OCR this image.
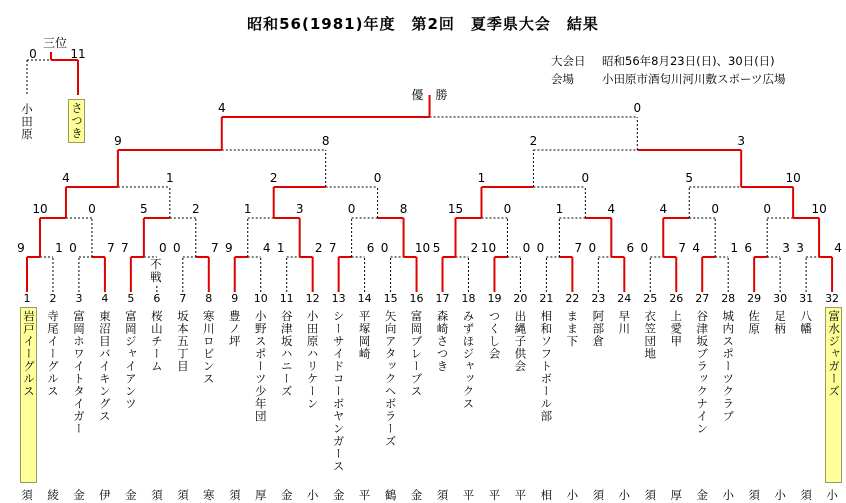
昭和56(1981)年度　第2回　夏季県大会　結果
大会日 昭和56年8月23日(日)、30日(日)
会場 小田原市酒匂川河川敷スポーツ広場
9	1 0	7 7	0 0	7 9	4 1	2 7	6 0 10 5	2 10 0 0	7 0	6 0	7 4	1 6	3 3	4
10	0	5	2	1	3	0	8	15	0	1	4	4	0	0	10
4	1	2	0	1	0	5	10
9	8	2	3
4	0
0	11
三位
優　勝
1
岩戸イーグルス
須
2
寺尾イーグルス
綾
3
富岡ホワイトタイガー
金
4
東沼目バイキングス
伊
5
富岡ジャイアンツ
金
6
桜山チーム
須
7
坂本五丁目
須
8
寒川ロビンス
寒
9
豊ノ坪
須
10
小野スポーツ少年団
厚
11
谷津坂ハニーズ
金
12
小田原ハリケーン
小
13
シーサイドコーボヤンガース
金
14
平塚岡崎
平
15
矢向アタックヘボラーズ
鶴
16
富岡ブレーブス
金
17
森崎さつき
須
18
みずほジャックス
平
19
つくし会
平
20
出縄子供会
平
21
相和ソフトボール部
相
22
まま下
小
23
阿部倉
須
24
早川
小
25
衣笠団地
須
26
上愛甲
厚
27
谷津坂ブラックナイン
金
28
城内スポーツクラブ
小
29
佐原
須
30
足柄
小
31
八幡
須
32
富水ジャガーズ
小
不戦
小田原	さつき
